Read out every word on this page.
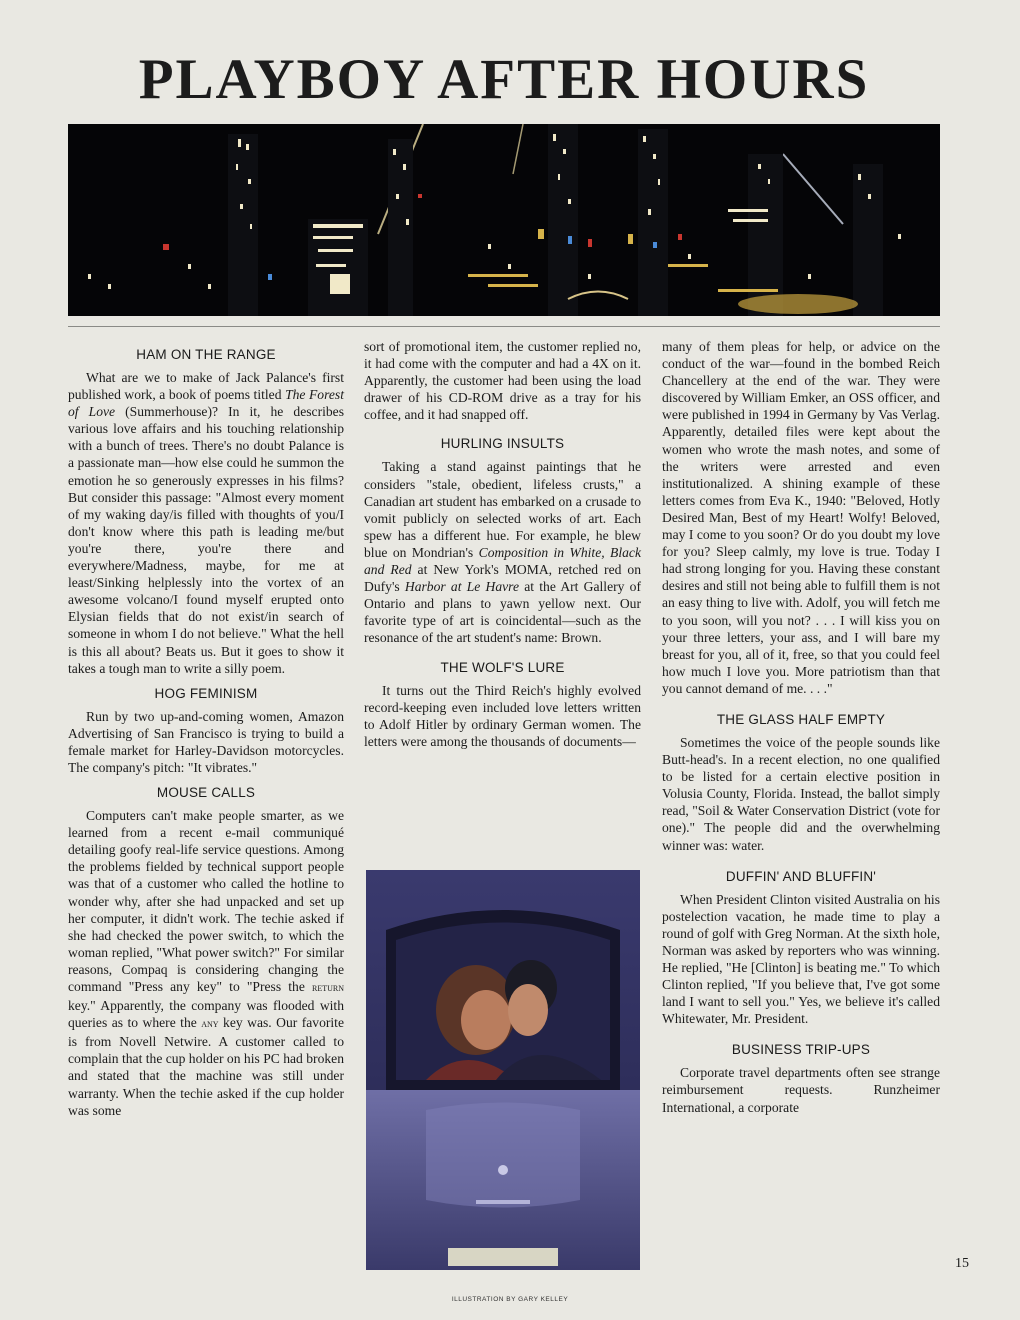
PLAYBOY AFTER HOURS
HAM ON THE RANGE

What are we to make of Jack Palance's first published work, a book of poems titled The Forest of Love (Summerhouse)? In it, he describes various love affairs and his touching relationship with a bunch of trees. There's no doubt Palance is a passionate man—how else could he summon the emotion he so generously expresses in his films? But consider this passage: "Almost every moment of my waking day/is filled with thoughts of you/I don't know where this path is leading me/but you're there, you're there and everywhere/Madness, maybe, for me at least/Sinking helplessly into the vortex of an awesome volcano/I found myself erupted onto Elysian fields that do not exist/in search of someone in whom I do not believe." What the hell is this all about? Beats us. But it goes to show it takes a tough man to write a silly poem.

HOG FEMINISM

Run by two up-and-coming women, Amazon Advertising of San Francisco is trying to build a female market for Harley-Davidson motorcycles. The company's pitch: "It vibrates."

MOUSE CALLS

Computers can't make people smarter, as we learned from a recent e-mail communiqué detailing goofy real-life service questions. Among the problems fielded by technical support people was that of a customer who called the hotline to wonder why, after she had unpacked and set up her computer, it didn't work. The techie asked if she had checked the power switch, to which the woman replied, "What power switch?" For similar reasons, Compaq is considering changing the command "Press any key" to "Press the return key." Apparently, the company was flooded with queries as to where the any key was. Our favorite is from Novell Netwire. A customer called to complain that the cup holder on his PC had broken and stated that the machine was still under warranty. When the techie asked if the cup holder was some

sort of promotional item, the customer replied no, it had come with the computer and had a 4X on it. Apparently, the customer had been using the load drawer of his CD-ROM drive as a tray for his coffee, and it had snapped off.

HURLING INSULTS

Taking a stand against paintings that he considers "stale, obedient, lifeless crusts," a Canadian art student has embarked on a crusade to vomit publicly on selected works of art. Each spew has a different hue. For example, he blew blue on Mondrian's Composition in White, Black and Red at New York's MOMA, retched red on Dufy's Harbor at Le Havre at the Art Gallery of Ontario and plans to yawn yellow next. Our favorite type of art is coincidental—such as the resonance of the art student's name: Brown.

THE WOLF'S LURE

It turns out the Third Reich's highly evolved record-keeping even included love letters written to Adolf Hitler by ordinary German women. The letters were among the thousands of documents—

many of them pleas for help, or advice on the conduct of the war—found in the bombed Reich Chancellery at the end of the war. They were discovered by William Emker, an OSS officer, and were published in 1994 in Germany by Vas Verlag. Apparently, detailed files were kept about the women who wrote the mash notes, and some of the writers were arrested and even institutionalized. A shining example of these letters comes from Eva K., 1940: "Beloved, Hotly Desired Man, Best of my Heart! Wolfy! Beloved, may I come to you soon? Or do you doubt my love for you? Sleep calmly, my love is true. Today I had strong longing for you. Having these constant desires and still not being able to fulfill them is not an easy thing to live with. Adolf, you will fetch me to you soon, will you not? . . . I will kiss you on your three letters, your ass, and I will bare my breast for you, all of it, free, so that you could feel how much I love you. More patriotism than that you cannot demand of me. . . ."

THE GLASS HALF EMPTY

Sometimes the voice of the people sounds like Butt-head's. In a recent election, no one qualified to be listed for a certain elective position in Volusia County, Florida. Instead, the ballot simply read, "Soil & Water Conservation District (vote for one)." The people did and the overwhelming winner was: water.

DUFFIN' AND BLUFFIN'

When President Clinton visited Australia on his postelection vacation, he made time to play a round of golf with Greg Norman. At the sixth hole, Norman was asked by reporters who was winning. He replied, "He [Clinton] is beating me." To which Clinton replied, "If you believe that, I've got some land I want to sell you." Yes, we believe it's called Whitewater, Mr. President.

BUSINESS TRIP-UPS

Corporate travel departments often see strange reimbursement requests. Runzheimer International, a corporate

15
ILLUSTRATION BY GARY KELLEY
